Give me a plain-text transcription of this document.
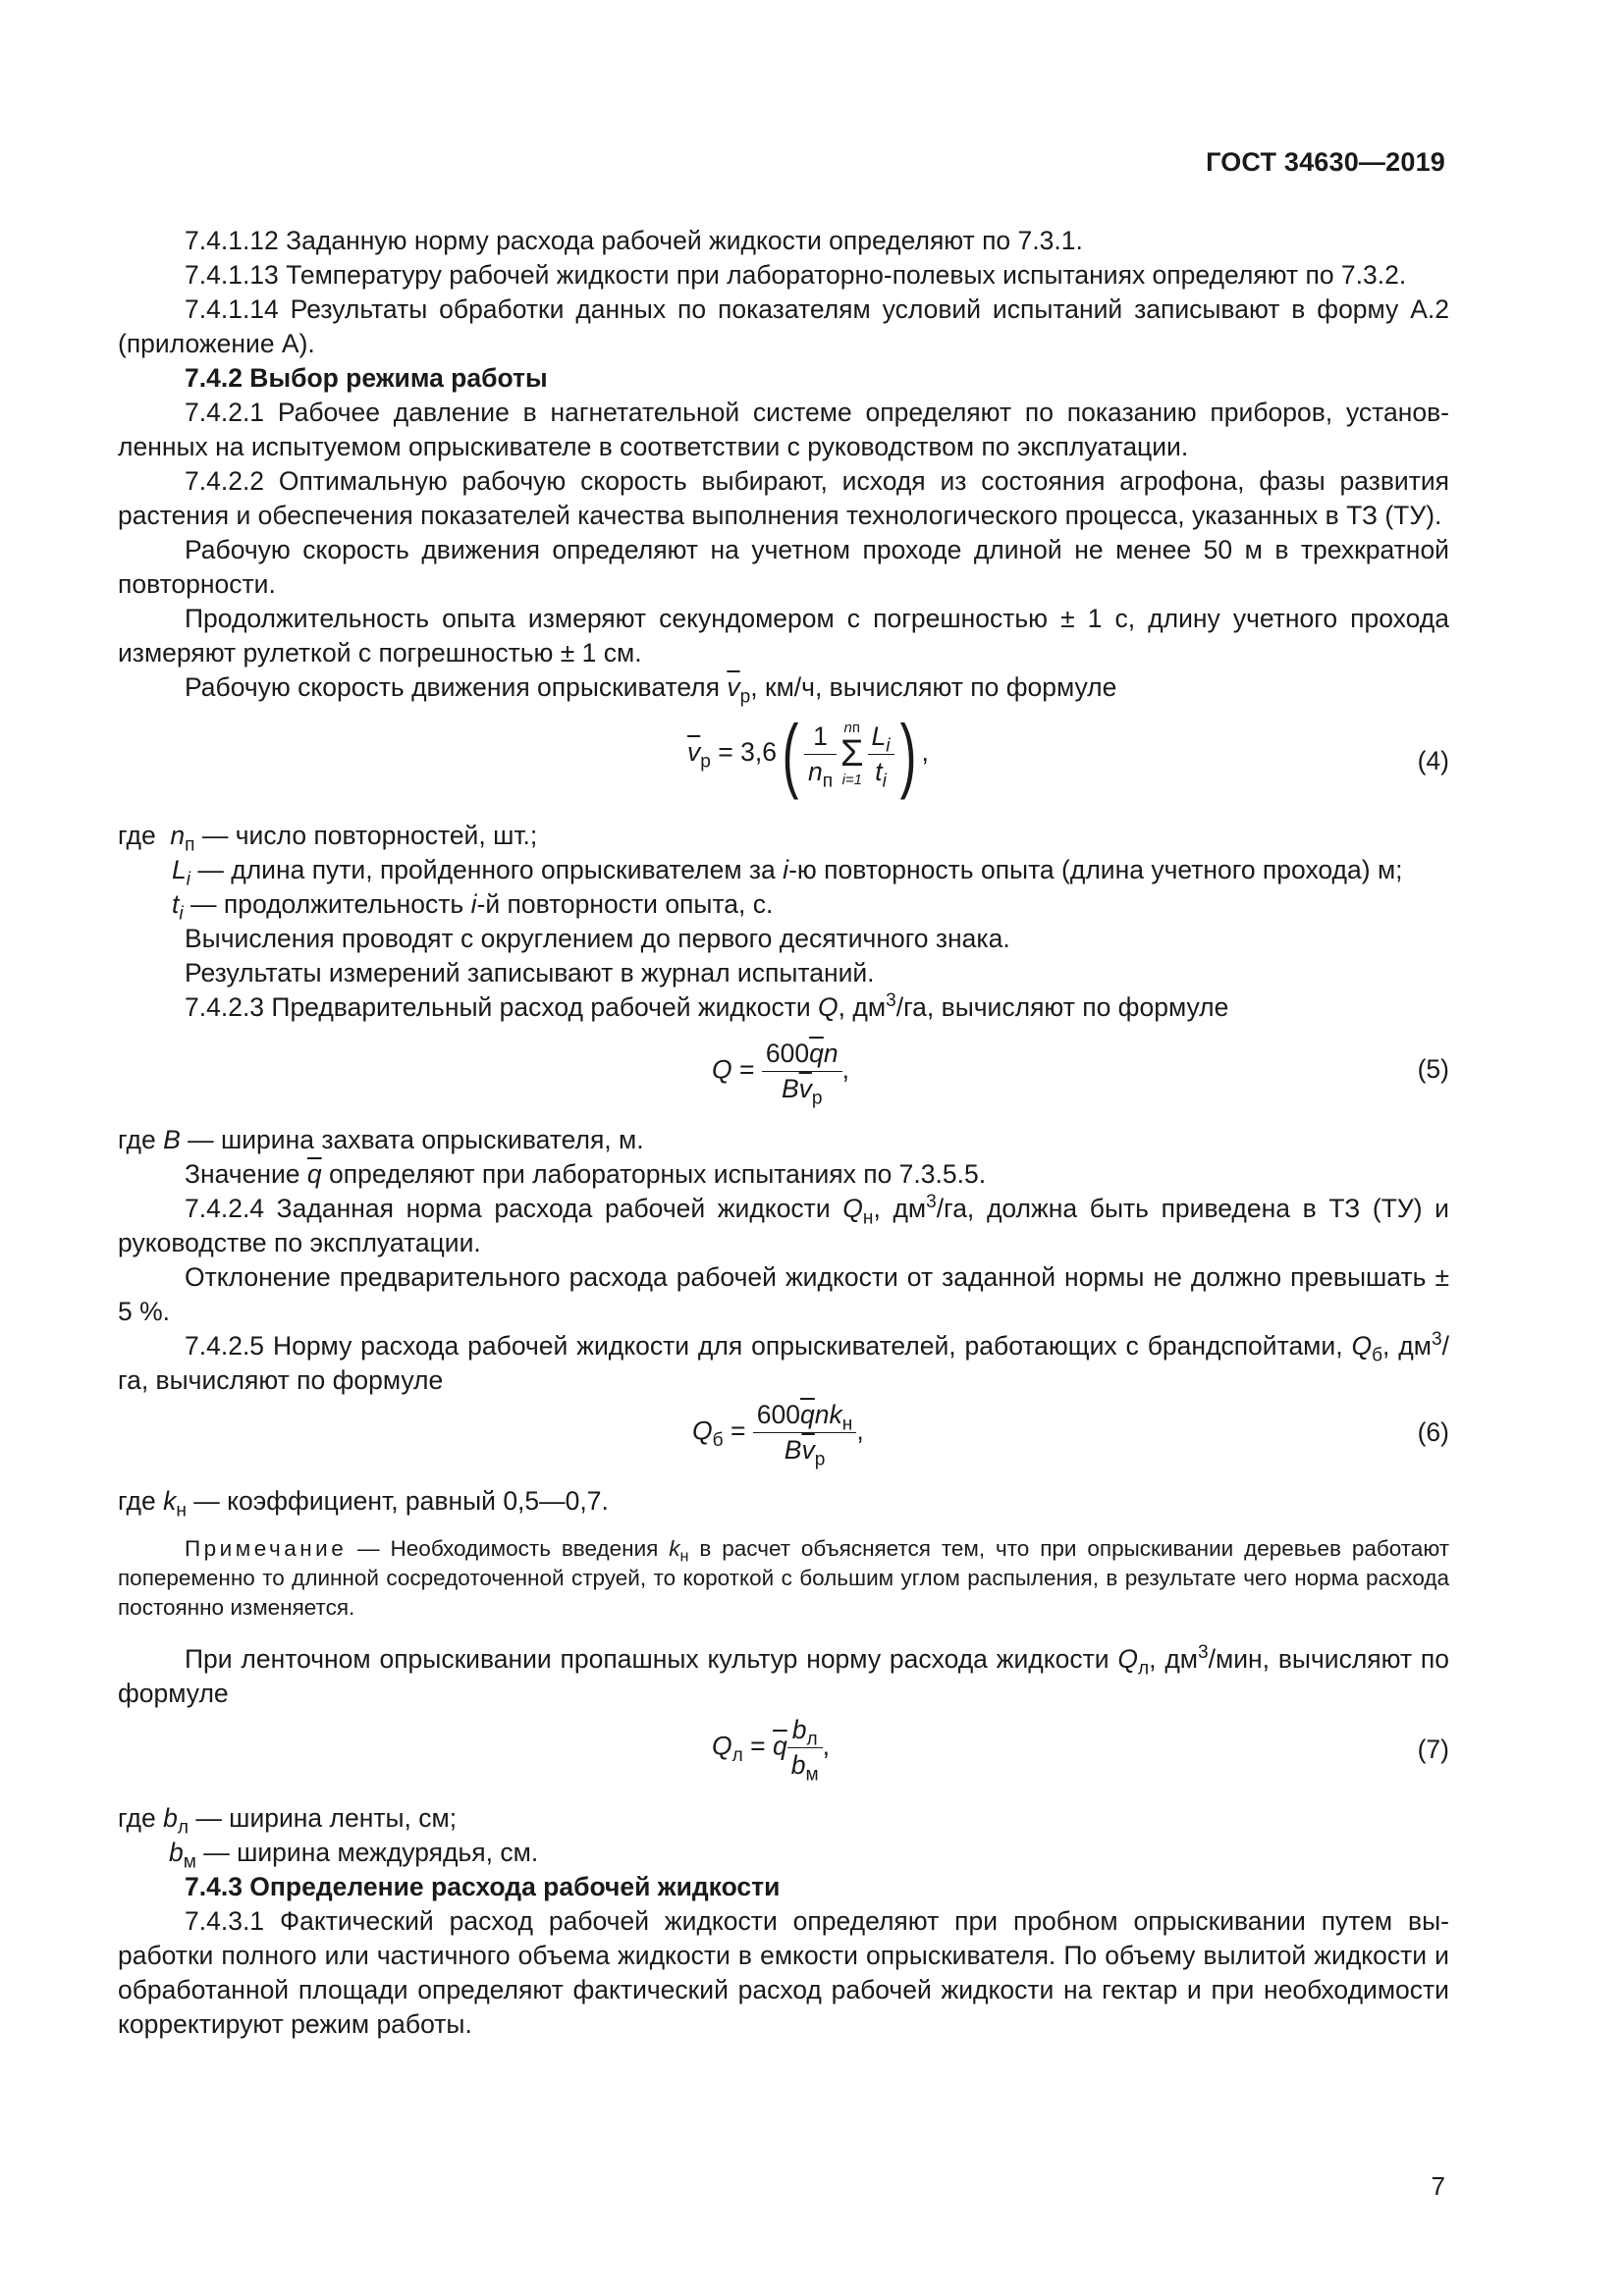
ГОСТ 34630—2019

7.4.1.12 Заданную норму расхода рабочей жидкости определяют по 7.3.1.

7.4.1.13 Температуру рабочей жидкости при лабораторно-полевых испытаниях определяют по 7.3.2.

7.4.1.14 Результаты обработки данных по показателям условий испытаний записывают в форму А.2 (приложение А).

7.4.2 Выбор режима работы

7.4.2.1 Рабочее давление в нагнетательной системе определяют по показанию приборов, установленных на испытуемом опрыскивателе в соответствии с руководством по эксплуатации.

7.4.2.2 Оптимальную рабочую скорость выбирают, исходя из состояния агрофона, фазы развития растения и обеспечения показателей качества выполнения технологического процесса, указанных в ТЗ (ТУ).

Рабочую скорость движения определяют на учетном проходе длиной не менее 50 м в трехкратной повторности.

Продолжительность опыта измеряют секундомером с погрешностью ± 1 с, длину учетного прохода измеряют рулеткой с погрешностью ± 1 см.

Рабочую скорость движения опрыскивателя $\overline{v}_р$, км/ч, вычисляют по формуле

$\overline{v}_р = 3,6( \frac{1}{n_п}$ nп
Σ
$i=1 \frac{L_i}{t_i}$ ) ,	(4)

где $n_п$ — число повторностей, шт.;

$L_i$ — длина пути, пройденного опрыскивателем за i-ю повторность опыта (длина учетного прохода) м;

$t_i$ — продолжительность i-й повторности опыта, с.

Вычисления проводят с округлением до первого десятичного знака.

Результаты измерений записывают в журнал испытаний.

7.4.2.3 Предварительный расход рабочей жидкости Q, $дм^3/га$, вычисляют по формуле

$Q = \frac{600\overline{q}n}{B\overline{v}_р}$ ,	(5)

где B — ширина захвата опрыскивателя, м.

Значение $\overline{q}$ определяют при лабораторных испытаниях по 7.3.5.5.

7.4.2.4 Заданная норма расхода рабочей жидкости $Q_н$, $дм^3/га$, должна быть приведена в ТЗ (ТУ) и руководстве по эксплуатации.

Отклонение предварительного расхода рабочей жидкости от заданной нормы не должно превышать ± 5 %.

7.4.2.5 Норму расхода рабочей жидкости для опрыскивателей, работающих с брандспойтами, $Q_б$, $дм^3/га$, вычисляют по формуле

$Q_б = \frac{600\overline{q}nk_н}{B\overline{v}_р}$ ,	(6)

где $k_н$ — коэффициент, равный 0,5—0,7.

Примечание — Необходимость введения $k_н$ в расчет объясняется тем, что при опрыскивании деревьев работают попеременно то длинной сосредоточенной струей, то короткой с большим углом распыления, в результате чего норма расхода постоянно изменяется.

При ленточном опрыскивании пропашных культур норму расхода жидкости $Q_л$, $дм^3$/мин, вычисляют по формуле

$Q_л = \overline{q} \frac{b_л}{b_м}$ ,	(7)

где $b_л$ — ширина ленты, см;

$b_м$ — ширина междурядья, см.

7.4.3 Определение расхода рабочей жидкости

7.4.3.1 Фактический расход рабочей жидкости определяют при пробном опрыскивании путем выработки полного или частичного объема жидкости в емкости опрыскивателя. По объему вылитой жидкости и обработанной площади определяют фактический расход рабочей жидкости на гектар и при необходимости корректируют режим работы.

7
